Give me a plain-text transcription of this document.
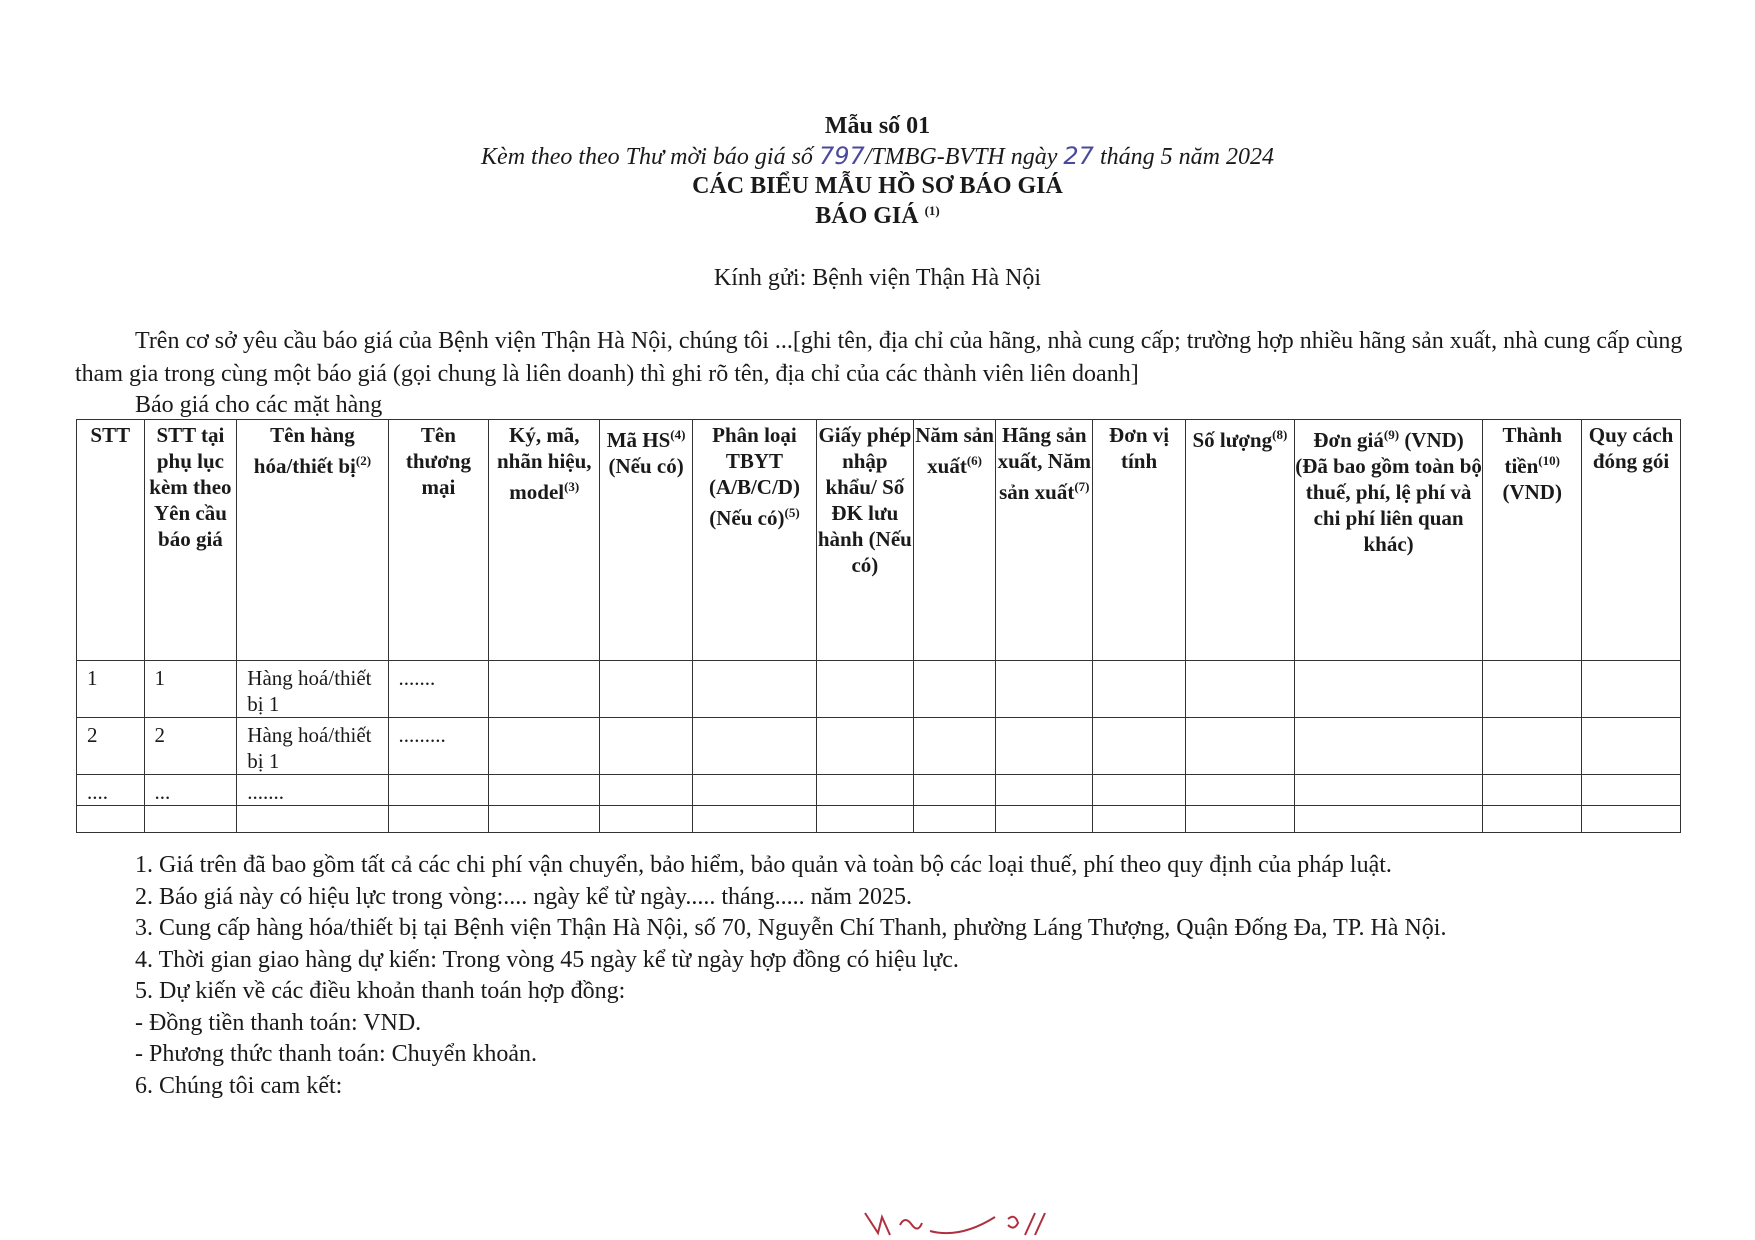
Mẫu số 01
Kèm theo theo Thư mời báo giá số 797/TMBG-BVTH ngày 27 tháng 5 năm 2024
CÁC BIỂU MẪU HỒ SƠ BÁO GIÁ
BÁO GIÁ $^{(1)}$
Kính gửi: Bệnh viện Thận Hà Nội

Trên cơ sở yêu cầu báo giá của Bệnh viện Thận Hà Nội, chúng tôi ...[ghi tên, địa chỉ của hãng, nhà cung cấp; trường hợp nhiều hãng sản xuất, nhà cung cấp cùng tham gia trong cùng một báo giá (gọi chung là liên doanh) thì ghi rõ tên, địa chỉ của các thành viên liên doanh]

Báo giá cho các mặt hàng
STT	STT tại phụ lục kèm theo Yên cầu báo giá	Tên hàng hóa/thiết bị$^{(2)}$	Tên thương mại	Ký, mã, nhãn hiệu, model$^{(3)}$	Mã HS$^{(4)}$ (Nếu có)	Phân loại TBYT (A/B/C/D) (Nếu có)$^{(5)}$	Giấy phép nhập khẩu/ Số ĐK lưu hành (Nếu có)	Năm sản xuất$^{(6)}$	Hãng sản xuất, Năm sản xuất$^{(7)}$	Đơn vị tính	Số lượng$^{(8)}$	Đơn giá$^{(9)}$ (VND) (Đã bao gồm toàn bộ thuế, phí, lệ phí và chi phí liên quan khác)	Thành tiền$^{(10)}$ (VND)	Quy cách đóng gói
1	1	Hàng hoá/thiết bị 1	.......											
2	2	Hàng hoá/thiết bị 1	.........											
....	...	.......												

1. Giá trên đã bao gồm tất cả các chi phí vận chuyển, bảo hiểm, bảo quản và toàn bộ các loại thuế, phí theo quy định của pháp luật.
2. Báo giá này có hiệu lực trong vòng:.... ngày kể từ ngày..... tháng..... năm 2025.
3. Cung cấp hàng hóa/thiết bị tại Bệnh viện Thận Hà Nội, số 70, Nguyễn Chí Thanh, phường Láng Thượng, Quận Đống Đa, TP. Hà Nội.
4. Thời gian giao hàng dự kiến: Trong vòng 45 ngày kể từ ngày hợp đồng có hiệu lực.
5. Dự kiến về các điều khoản thanh toán hợp đồng:
- Đồng tiền thanh toán: VND.
- Phương thức thanh toán: Chuyển khoản.
6. Chúng tôi cam kết:
